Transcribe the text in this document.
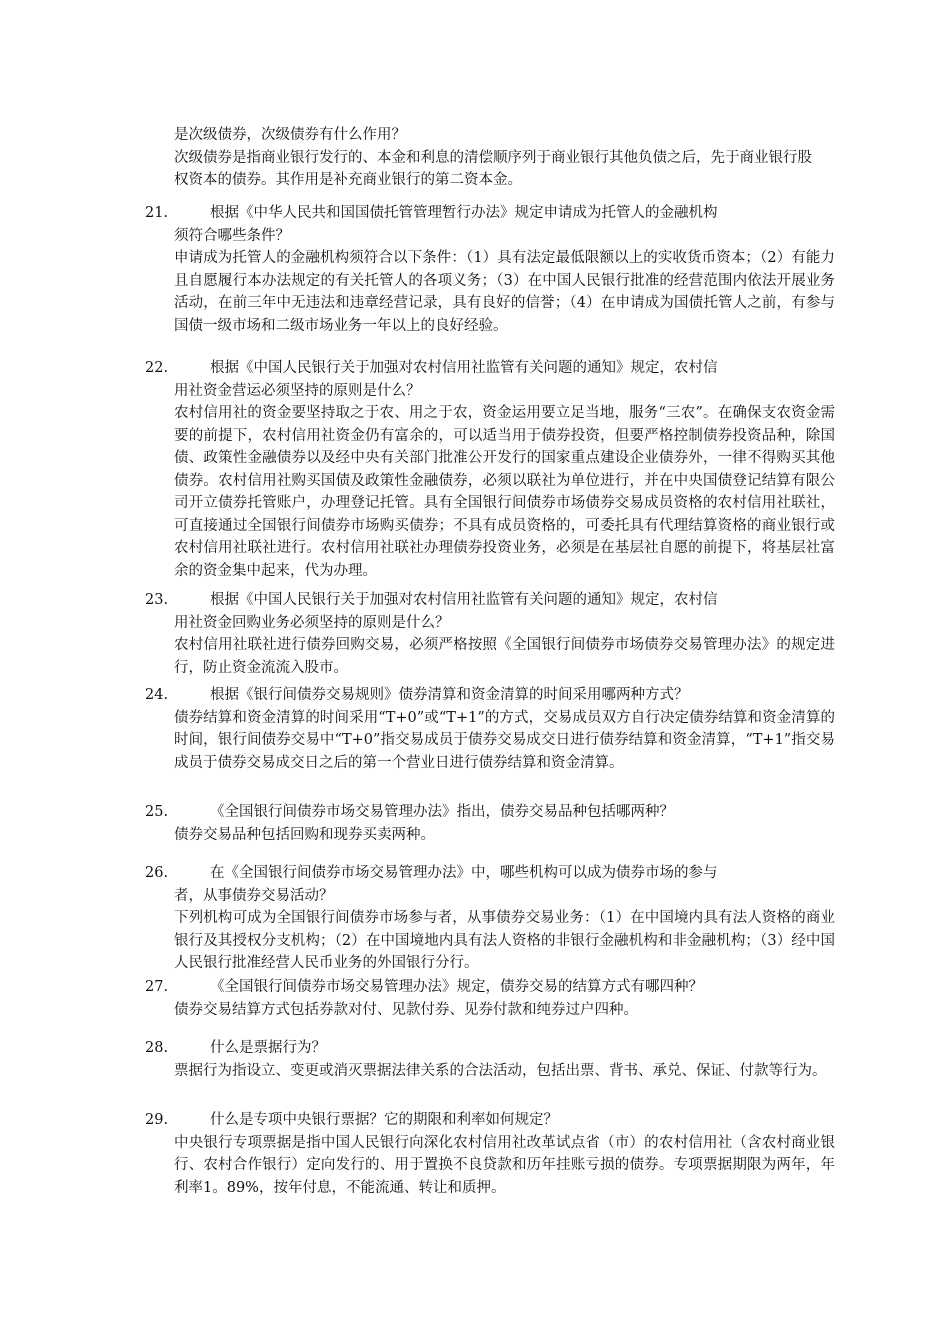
是次级债券，次级债券有什么作用？

次级债券是指商业银行发行的、本金和利息的清偿顺序列于商业银行其他负债之后，先于商业银行股权资本的债券。其作用是补充商业银行的第二资本金。

21.	根据《中华人民共和国国债托管管理暂行办法》规定申请成为托管人的金融机构

须符合哪些条件？

申请成为托管人的金融机构须符合以下条件：（1）具有法定最低限额以上的实收货币资本；（2）有能力且自愿履行本办法规定的有关托管人的各项义务；（3）在中国人民银行批准的经营范围内依法开展业务活动，在前三年中无违法和违章经营记录，具有良好的信誉；（4）在申请成为国债托管人之前，有参与国债一级市场和二级市场业务一年以上的良好经验。

22.	根据《中国人民银行关于加强对农村信用社监管有关问题的通知》规定，农村信

用社资金营运必须坚持的原则是什么？

农村信用社的资金要坚持取之于农、用之于农，资金运用要立足当地，服务“三农”。在确保支农资金需要的前提下，农村信用社资金仍有富余的，可以适当用于债券投资，但要严格控制债券投资品种，除国债、政策性金融债券以及经中央有关部门批准公开发行的国家重点建设企业债券外，一律不得购买其他债券。农村信用社购买国债及政策性金融债券，必须以联社为单位进行，并在中央国债登记结算有限公司开立债券托管账户，办理登记托管。具有全国银行间债券市场债券交易成员资格的农村信用社联社，可直接通过全国银行间债券市场购买债券；不具有成员资格的，可委托具有代理结算资格的商业银行或农村信用社联社进行。农村信用社联社办理债券投资业务，必须是在基层社自愿的前提下，将基层社富余的资金集中起来，代为办理。

23.	根据《中国人民银行关于加强对农村信用社监管有关问题的通知》规定，农村信

用社资金回购业务必须坚持的原则是什么？

农村信用社联社进行债券回购交易，必须严格按照《全国银行间债券市场债券交易管理办法》的规定进行，防止资金流流入股市。

24.	根据《银行间债券交易规则》债券清算和资金清算的时间采用哪两种方式？

债券结算和资金清算的时间采用“T+0”或“T+1”的方式，交易成员双方自行决定债券结算和资金清算的时间，银行间债券交易中“T+0”指交易成员于债券交易成交日进行债券结算和资金清算，“T+1”指交易成员于债券交易成交日之后的第一个营业日进行债券结算和资金清算。

25.	《全国银行间债券市场交易管理办法》指出，债券交易品种包括哪两种？

债券交易品种包括回购和现券买卖两种。

26.	在《全国银行间债券市场交易管理办法》中，哪些机构可以成为债券市场的参与

者，从事债券交易活动？

下列机构可成为全国银行间债券市场参与者，从事债券交易业务：（1）在中国境内具有法人资格的商业银行及其授权分支机构；（2）在中国境地内具有法人资格的非银行金融机构和非金融机构；（3）经中国人民银行批准经营人民币业务的外国银行分行。

27.	《全国银行间债券市场交易管理办法》规定，债券交易的结算方式有哪四种？

债券交易结算方式包括券款对付、见款付券、见券付款和纯券过户四种。

28.	什么是票据行为？

票据行为指设立、变更或消灭票据法律关系的合法活动，包括出票、背书、承兑、保证、付款等行为。

29.	什么是专项中央银行票据？它的期限和利率如何规定？

中央银行专项票据是指中国人民银行向深化农村信用社改革试点省（市）的农村信用社（含农村商业银行、农村合作银行）定向发行的、用于置换不良贷款和历年挂账亏损的债券。专项票据期限为两年，年利率1。89%，按年付息，不能流通、转让和质押。
